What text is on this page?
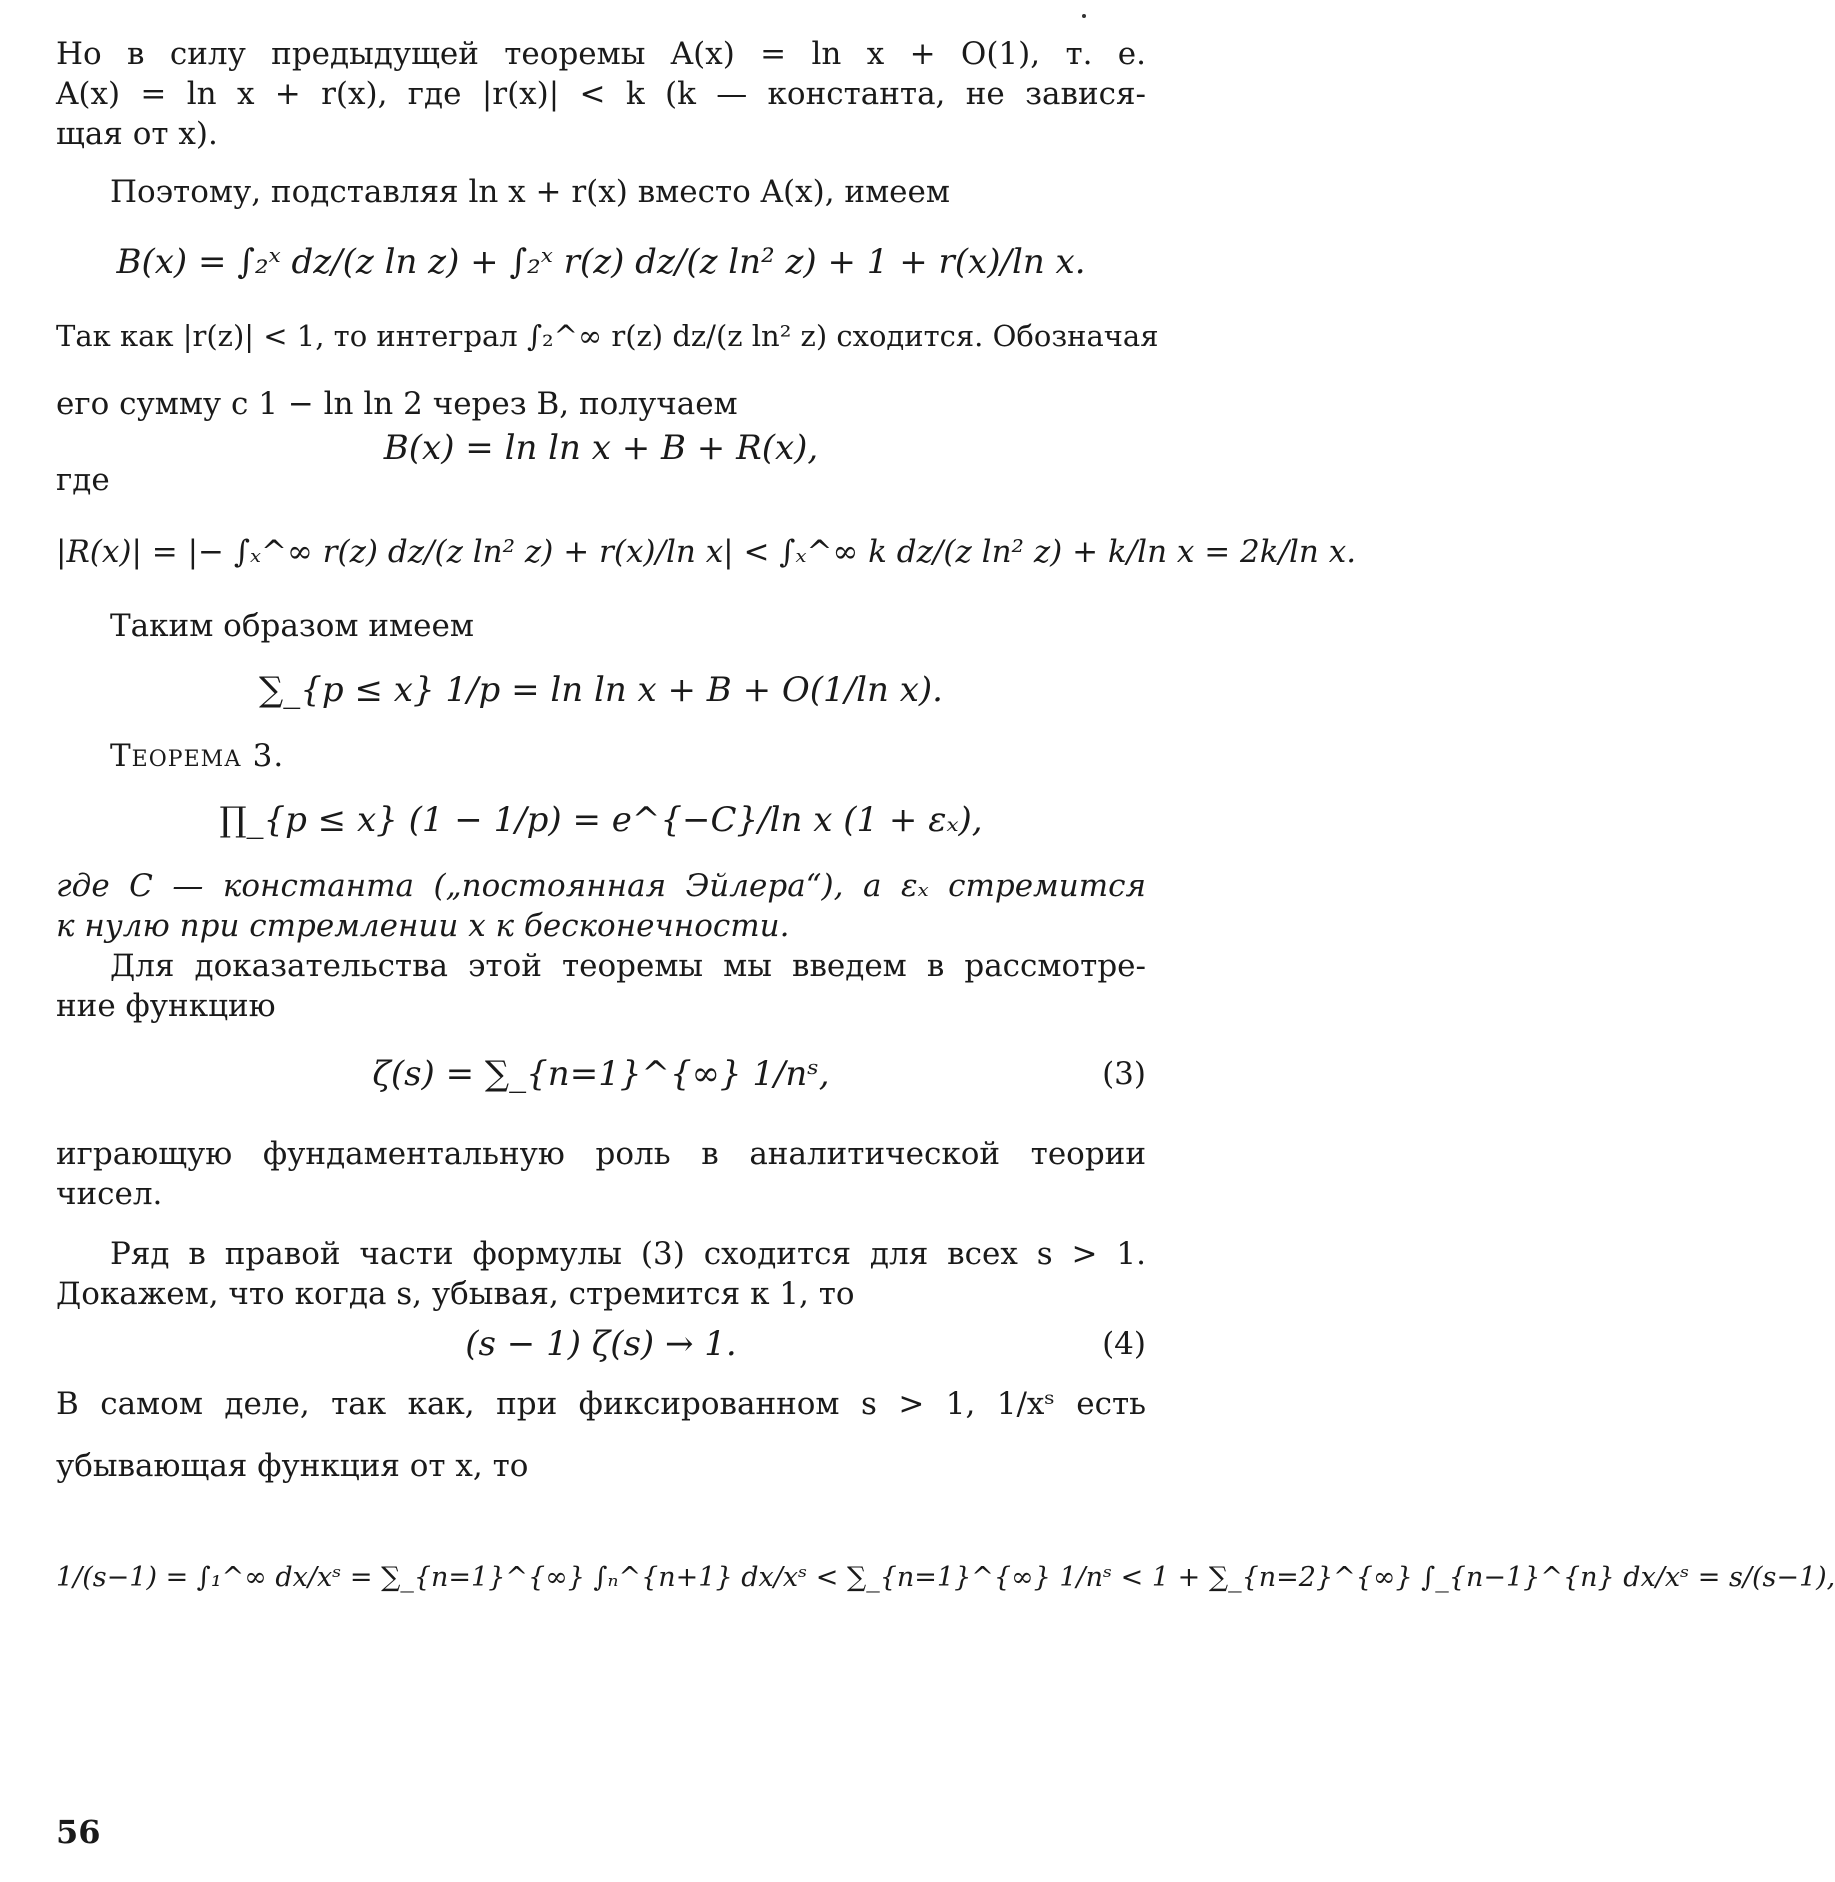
Но в силу предыдущей теоремы A(x) = ln x + O(1), т. е.
A(x) = ln x + r(x), где |r(x)| < k (k — константа, не завися-
щая от x).
Поэтому, подставляя ln x + r(x) вместо A(x), имеем
B(x) = ∫₂ˣ dz/(z ln z) + ∫₂ˣ r(z) dz/(z ln² z) + 1 + r(x)/ln x.
Так как |r(z)| < 1, то интеграл ∫₂^∞ r(z) dz/(z ln² z) сходится. Обозначая
его сумму с 1 − ln ln 2 через B, получаем
B(x) = ln ln x + B + R(x),
где
|R(x)| = |− ∫ₓ^∞ r(z) dz/(z ln² z) + r(x)/ln x| < ∫ₓ^∞ k dz/(z ln² z) + k/ln x = 2k/ln x.
Таким образом имеем
∑_{p ≤ x} 1/p = ln ln x + B + O(1/ln x).
Теорема 3.
∏_{p ≤ x} (1 − 1/p) = e^{−C}/ln x (1 + εₓ),
где C — константа („постоянная Эйлера“), а εₓ стремится
к нулю при стремлении x к бесконечности.
Для доказательства этой теоремы мы введем в рассмотре-
ние функцию
ζ(s) = ∑_{n=1}^{∞} 1/nˢ,	(3)
играющую фундаментальную роль в аналитической теории
чисел.
Ряд в правой части формулы (3) сходится для всех s > 1.
Докажем, что когда s, убывая, стремится к 1, то
(s − 1) ζ(s) → 1.	(4)
В самом деле, так как, при фиксированном s > 1, 1/xˢ есть
убывающая функция от x, то
1/(s−1) = ∫₁^∞ dx/xˢ = ∑_{n=1}^{∞} ∫ₙ^{n+1} dx/xˢ < ∑_{n=1}^{∞} 1/nˢ < 1 + ∑_{n=2}^{∞} ∫_{n−1}^{n} dx/xˢ = s/(s−1),
56
